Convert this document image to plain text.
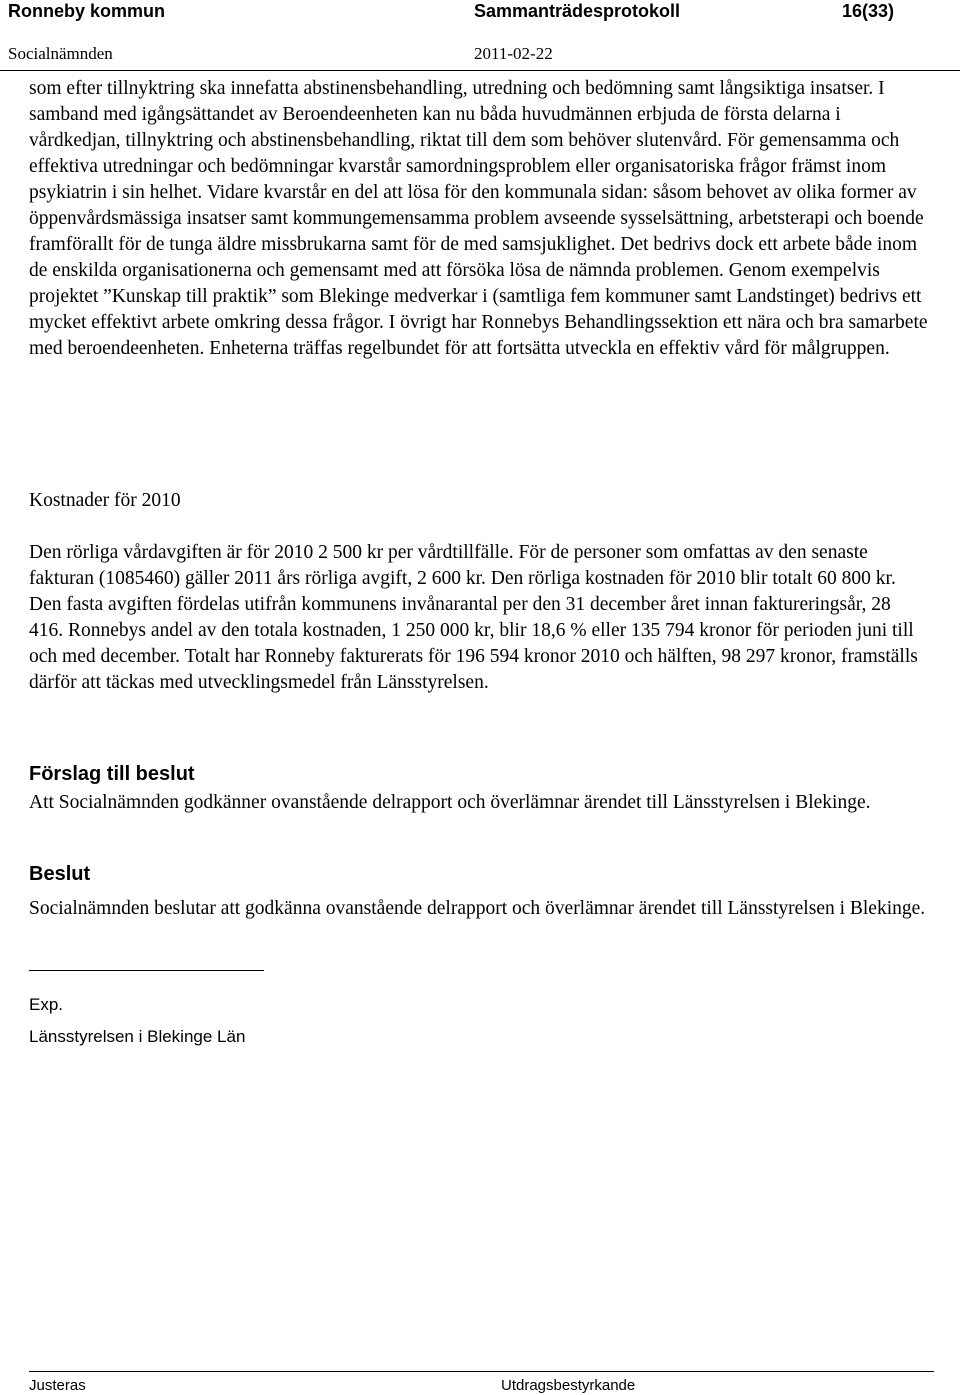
Ronneby kommun	Sammanträdesprotokoll	16(33)
Socialnämnden	2011-02-22

som efter tillnyktring ska innefatta abstinensbehandling, utredning och bedömning samt långsiktiga insatser. I samband med igångsättandet av Beroendeenheten kan nu båda huvudmännen erbjuda de första delarna i vårdkedjan, tillnyktring och abstinensbehandling, riktat till dem som behöver slutenvård. För gemensamma och effektiva utredningar och bedömningar kvarstår samordningsproblem eller organisatoriska frågor främst inom psykiatrin i sin helhet. Vidare kvarstår en del att lösa för den kommunala sidan: såsom behovet av olika former av öppenvårdsmässiga insatser samt kommungemensamma problem avseende sysselsättning, arbetsterapi och boende framförallt för de tunga äldre missbrukarna samt för de med samsjuklighet. Det bedrivs dock ett arbete både inom de enskilda organisationerna och gemensamt med att försöka lösa de nämnda problemen. Genom exempelvis projektet ”Kunskap till praktik” som Blekinge medverkar i (samtliga fem kommuner samt Landstinget) bedrivs ett mycket effektivt arbete omkring dessa frågor. I övrigt har Ronnebys Behandlingssektion ett nära och bra samarbete med beroendeenheten. Enheterna träffas regelbundet för att fortsätta utveckla en effektiv vård för målgruppen.

Kostnader för 2010

Den rörliga vårdavgiften är för 2010 2 500 kr per vårdtillfälle. För de personer som omfattas av den senaste fakturan (1085460) gäller 2011 års rörliga avgift, 2 600 kr. Den rörliga kostnaden för 2010 blir totalt 60 800 kr. Den fasta avgiften fördelas utifrån kommunens invånarantal per den 31 december året innan faktureringsår, 28 416. Ronnebys andel av den totala kostnaden, 1 250 000 kr, blir 18,6 % eller 135 794 kronor för perioden juni till och med december. Totalt har Ronneby fakturerats för 196 594 kronor 2010 och hälften, 98 297 kronor, framställs därför att täckas med utvecklingsmedel från Länsstyrelsen.

Förslag till beslut

Att Socialnämnden godkänner ovanstående delrapport och överlämnar ärendet till Länsstyrelsen i Blekinge.

Beslut

Socialnämnden beslutar att godkänna ovanstående delrapport och överlämnar ärendet till Länsstyrelsen i Blekinge.

Exp.

Länsstyrelsen i Blekinge Län

Justeras	Utdragsbestyrkande
